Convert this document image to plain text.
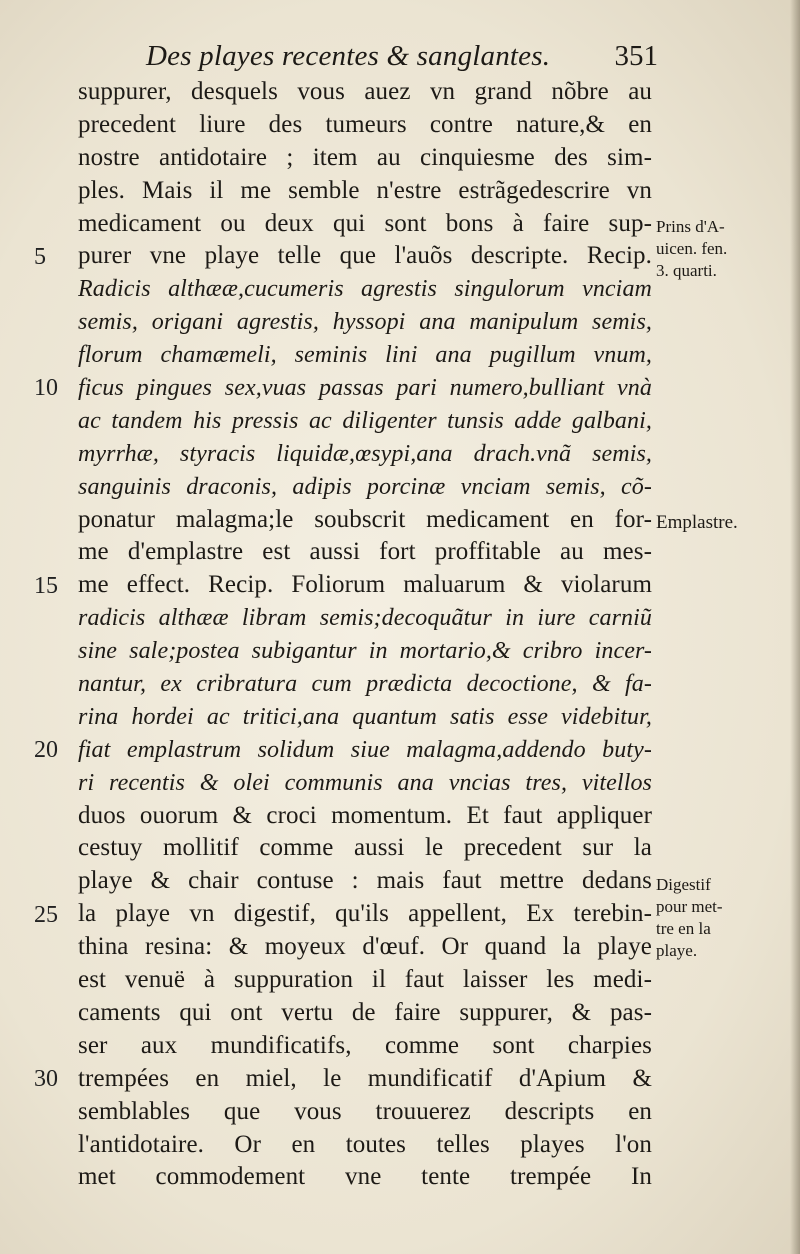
Des playes recentes & sanglantes. 351
5
10
15
20
25
30
suppurer, desquels vous auez vn grand nõbre au
precedent liure des tumeurs contre nature,& en
nostre antidotaire ; item au cinquiesme des sim-
ples. Mais il me semble n'estre estrãgedescrire vn
medicament ou deux qui sont bons à faire sup-
purer vne playe telle que l'auõs descripte. Recip.
Radicis althææ,cucumeris agrestis singulorum vnciam
semis, origani agrestis, hyssopi ana manipulum semis,
florum chamæmeli, seminis lini ana pugillum vnum,
ficus pingues sex,vuas passas pari numero,bulliant vnà
ac tandem his pressis ac diligenter tunsis adde galbani,
myrrhæ, styracis liquidæ,œsypi,ana drach.vnã semis,
sanguinis draconis, adipis porcinæ vnciam semis, cõ-
ponatur malagma;le soubscrit medicament en for-
me d'emplastre est aussi fort proffitable au mes-
me effect. Recip. Foliorum maluarum & violarum
radicis althææ libram semis;decoquãtur in iure carniũ
sine sale;postea subigantur in mortario,& cribro incer-
nantur, ex cribratura cum prædicta decoctione, & fa-
rina hordei ac tritici,ana quantum satis esse videbitur,
fiat emplastrum solidum siue malagma,addendo buty-
ri recentis & olei communis ana vncias tres, vitellos
duos ouorum & croci momentum. Et faut appliquer
cestuy mollitif comme aussi le precedent sur la
playe & chair contuse : mais faut mettre dedans
la playe vn digestif, qu'ils appellent, Ex terebin-
thina resina: & moyeux d'œuf. Or quand la playe
est venuë à suppuration il faut laisser les medi-
caments qui ont vertu de faire suppurer, & pas-
ser aux mundificatifs, comme sont charpies
trempées en miel, le mundificatif d'Apium &
semblables que vous trouuerez descripts en
l'antidotaire. Or en toutes telles playes l'on
met commodement vne tente trempée In
Prins d'A-
uicen. fen.
3. quarti.
Emplastre.
Digestif
pour met-
tre en la
playe.
